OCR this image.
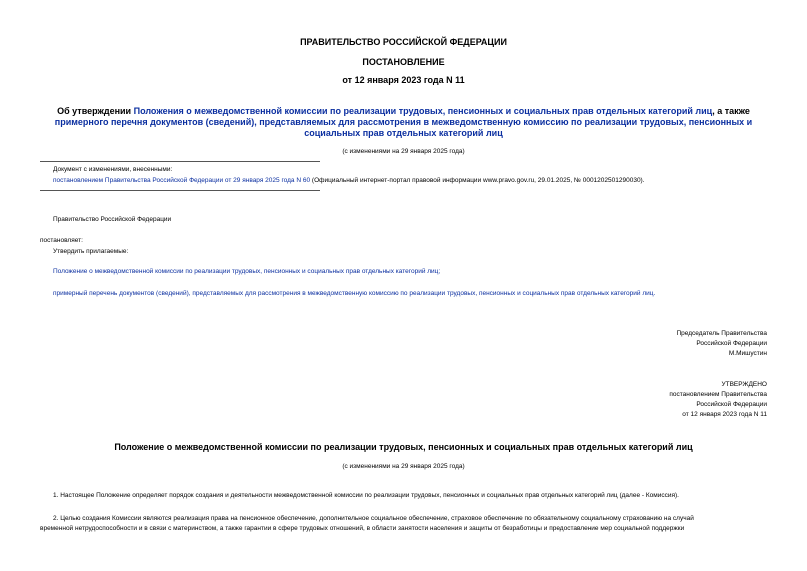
ПРАВИТЕЛЬСТВО РОССИЙСКОЙ ФЕДЕРАЦИИ
ПОСТАНОВЛЕНИЕ
от 12 января 2023 года N 11
Об утверждении Положения о межведомственной комиссии по реализации трудовых, пенсионных и социальных прав отдельных категорий лиц, а также
примерного перечня документов (сведений), представляемых для рассмотрения в межведомственную комиссию по реализации трудовых, пенсионных и
социальных прав отдельных категорий лиц
(с изменениями на 29 января 2025 года)
Документ с изменениями, внесенными:
постановлением Правительства Российской Федерации от 29 января 2025 года N 60 (Официальный интернет-портал правовой информации www.pravo.gov.ru, 29.01.2025, № 0001202501290030).
Правительство Российской Федерации
постановляет:
Утвердить прилагаемые:
Положение о межведомственной комиссии по реализации трудовых, пенсионных и социальных прав отдельных категорий лиц;
примерный перечень документов (сведений), представляемых для рассмотрения в межведомственную комиссию по реализации трудовых, пенсионных и социальных прав отдельных категорий лиц.
Председатель Правительства
Российской Федерации
М.Мишустин
УТВЕРЖДЕНО
постановлением Правительства
Российской Федерации
от 12 января 2023 года N 11
Положение о межведомственной комиссии по реализации трудовых, пенсионных и социальных прав отдельных категорий лиц
(с изменениями на 29 января 2025 года)
1. Настоящее Положение определяет порядок создания и деятельности межведомственной комиссии по реализации трудовых, пенсионных и социальных прав отдельных категорий лиц (далее - Комиссия).
2. Целью создания Комиссии являются реализация права на пенсионное обеспечение, дополнительное социальное обеспечение, страховое обеспечение по обязательному социальному страхованию на случай
временной нетрудоспособности и в связи с материнством, а также гарантии в сфере трудовых отношений, в области занятости населения и защиты от безработицы и предоставление мер социальной поддержки
